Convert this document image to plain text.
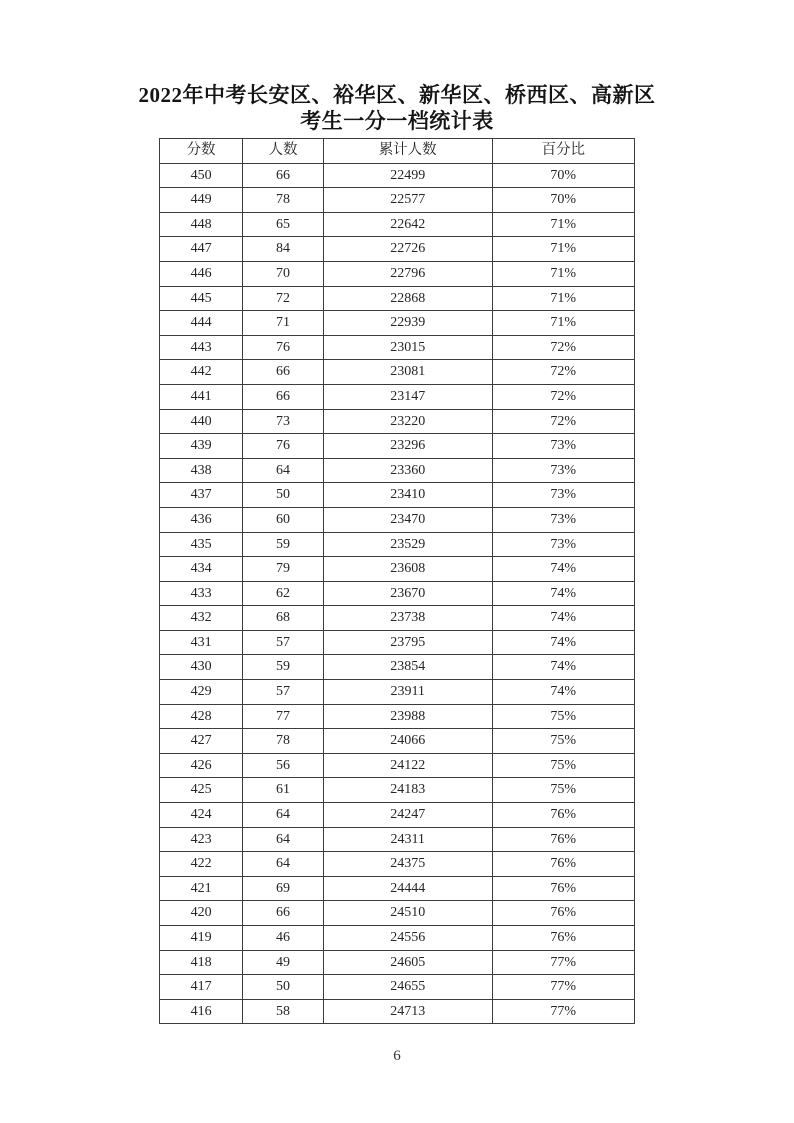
2022年中考长安区、裕华区、新华区、桥西区、高新区
考生一分一档统计表
分数	人数	累计人数	百分比
450	66	22499	70%
449	78	22577	70%
448	65	22642	71%
447	84	22726	71%
446	70	22796	71%
445	72	22868	71%
444	71	22939	71%
443	76	23015	72%
442	66	23081	72%
441	66	23147	72%
440	73	23220	72%
439	76	23296	73%
438	64	23360	73%
437	50	23410	73%
436	60	23470	73%
435	59	23529	73%
434	79	23608	74%
433	62	23670	74%
432	68	23738	74%
431	57	23795	74%
430	59	23854	74%
429	57	23911	74%
428	77	23988	75%
427	78	24066	75%
426	56	24122	75%
425	61	24183	75%
424	64	24247	76%
423	64	24311	76%
422	64	24375	76%
421	69	24444	76%
420	66	24510	76%
419	46	24556	76%
418	49	24605	77%
417	50	24655	77%
416	58	24713	77%
6
